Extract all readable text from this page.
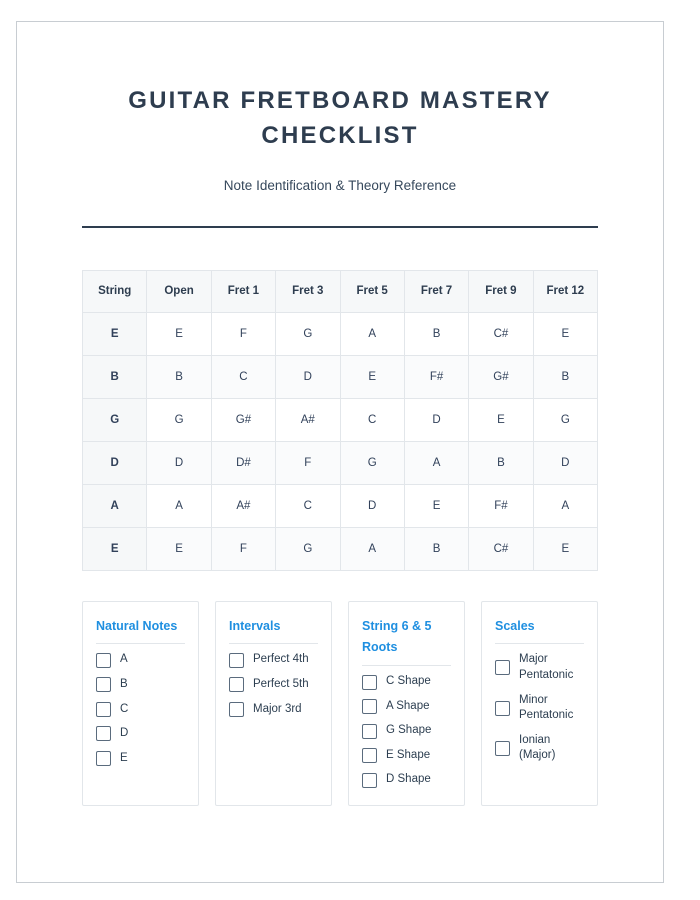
GUITAR FRETBOARD MASTERY CHECKLIST
Note Identification & Theory Reference
String	Open	Fret 1	Fret 3	Fret 5	Fret 7	Fret 9	Fret 12
E	E	F	G	A	B	C#	E
B	B	C	D	E	F#	G#	B
G	G	G#	A#	C	D	E	G
D	D	D#	F	G	A	B	D
A	A	A#	C	D	E	F#	A
E	E	F	G	A	B	C#	E
Natural Notes
A
B
C
D
E
Intervals
Perfect 4th
Perfect 5th
Major 3rd
String 6 & 5 Roots
C Shape
A Shape
G Shape
E Shape
D Shape
Scales
Major Pentatonic
Minor Pentatonic
Ionian (Major)
